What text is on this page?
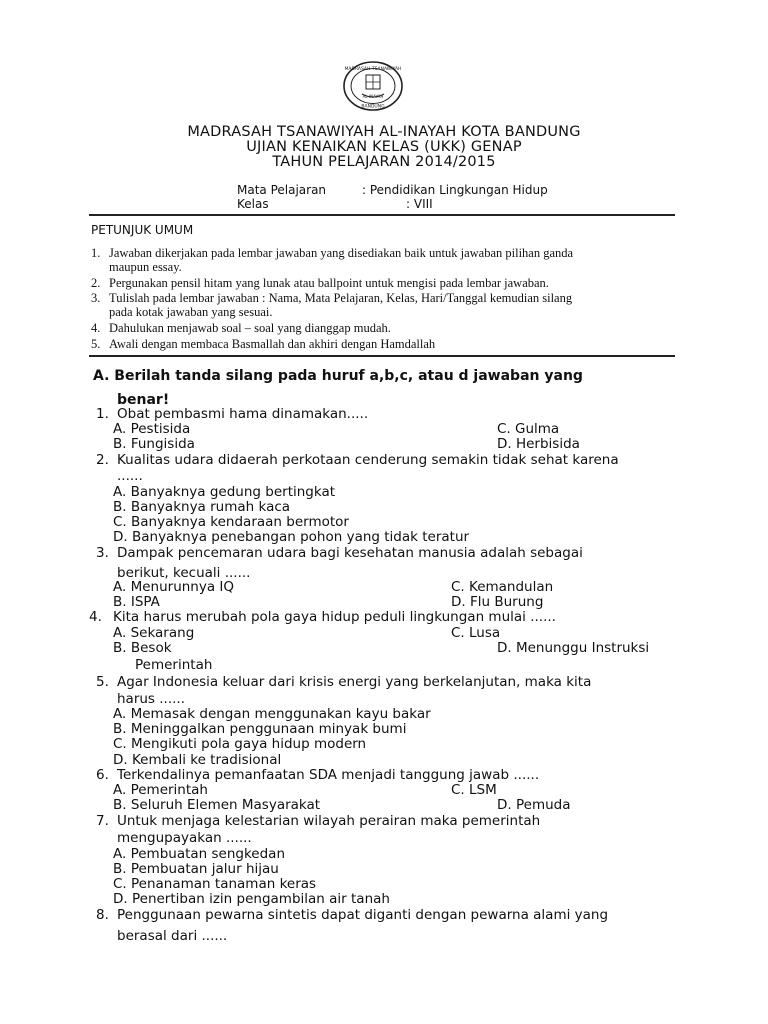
MADRASAH TSANAWIYAH
BANDUNG
AL-INAYAH
MADRASAH TSANAWIYAH AL-INAYAH KOTA BANDUNG
UJIAN KENAIKAN KELAS (UKK) GENAP
TAHUN PELAJARAN 2014/2015
Mata Pelajaran	: Pendidikan Lingkungan Hidup
Kelas	: VIII
PETUNJUK UMUM
1. Jawaban dikerjakan pada lembar jawaban yang disediakan baik untuk jawaban pilihan ganda
maupun essay.
2. Pergunakan pensil hitam yang lunak atau ballpoint untuk mengisi pada lembar jawaban.
3. Tulislah pada lembar jawaban : Nama, Mata Pelajaran, Kelas, Hari/Tanggal kemudian silang
pada kotak jawaban yang sesuai.
4. Dahulukan menjawab soal – soal yang dianggap mudah.
5. Awali dengan membaca Basmallah dan akhiri dengan Hamdallah
A. Berilah tanda silang pada huruf a,b,c, atau d jawaban yang
benar!
1. Obat pembasmi hama dinamakan.....
A. Pestisida	C. Gulma
B. Fungisida	D. Herbisida
2. Kualitas udara didaerah perkotaan cenderung semakin tidak sehat karena
......
A. Banyaknya gedung bertingkat
B. Banyaknya rumah kaca
C. Banyaknya kendaraan bermotor
D. Banyaknya penebangan pohon yang tidak teratur
3. Dampak pencemaran udara bagi kesehatan manusia adalah sebagai
berikut, kecuali ......
A. Menurunnya IQ	C. Kemandulan
B. ISPA	D. Flu Burung
4. Kita harus merubah pola gaya hidup peduli lingkungan mulai ......
A. Sekarang	C. Lusa
B. Besok	D. Menunggu Instruksi
Pemerintah
5. Agar Indonesia keluar dari krisis energi yang berkelanjutan, maka kita
harus ......
A. Memasak dengan menggunakan kayu bakar
B. Meninggalkan penggunaan minyak bumi
C. Mengikuti pola gaya hidup modern
D. Kembali ke tradisional
6. Terkendalinya pemanfaatan SDA menjadi tanggung jawab ......
A. Pemerintah	C. LSM
B. Seluruh Elemen Masyarakat	D. Pemuda
7. Untuk menjaga kelestarian wilayah perairan maka pemerintah
mengupayakan ......
A. Pembuatan sengkedan
B. Pembuatan jalur hijau
C. Penanaman tanaman keras
D. Penertiban izin pengambilan air tanah
8. Penggunaan pewarna sintetis dapat diganti dengan pewarna alami yang
berasal dari ......
